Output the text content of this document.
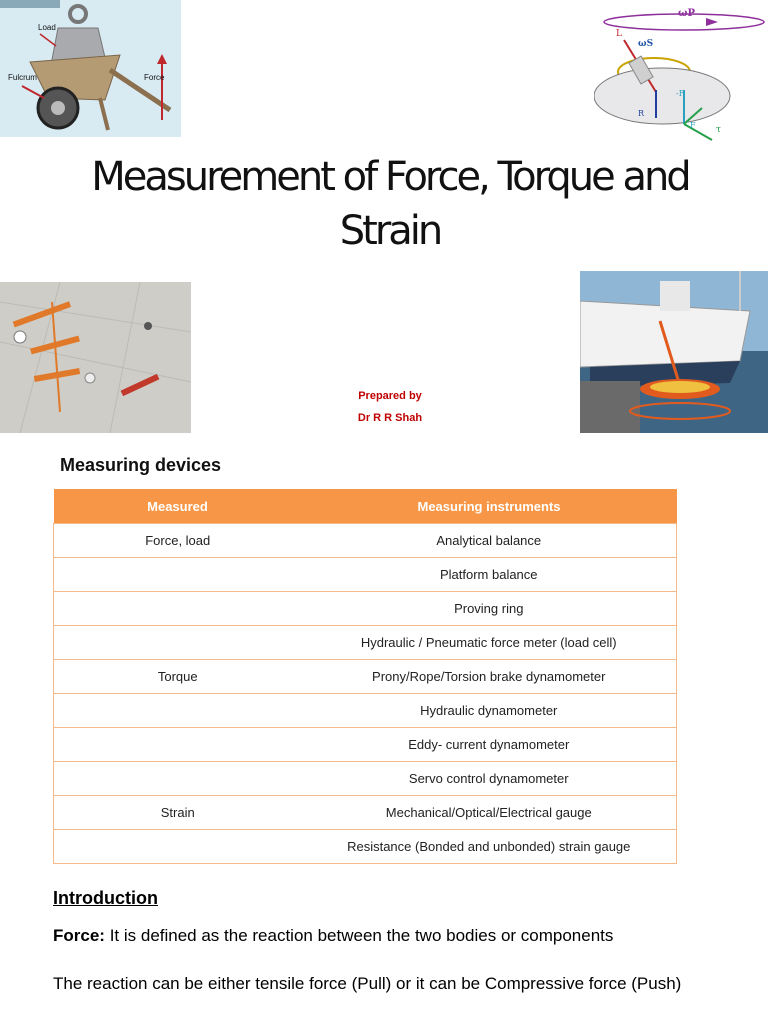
Load
Fulcrum	Force
ωP
L
ωS
-F
R
F τ
Measurement of Force, Torque and Strain
Prepared by
Dr R R Shah
Measuring devices
Measured	Measuring instruments
Force, load	Analytical balance
	Platform balance
	Proving ring
	Hydraulic / Pneumatic force meter (load cell)
Torque	Prony/Rope/Torsion brake dynamometer
	Hydraulic dynamometer
	Eddy- current dynamometer
	Servo control dynamometer
Strain	Mechanical/Optical/Electrical gauge
	Resistance (Bonded and unbonded) strain gauge
Introduction
Force: It is defined as the reaction between the two bodies or components
The reaction can be either tensile force (Pull) or it can be Compressive force (Push)
